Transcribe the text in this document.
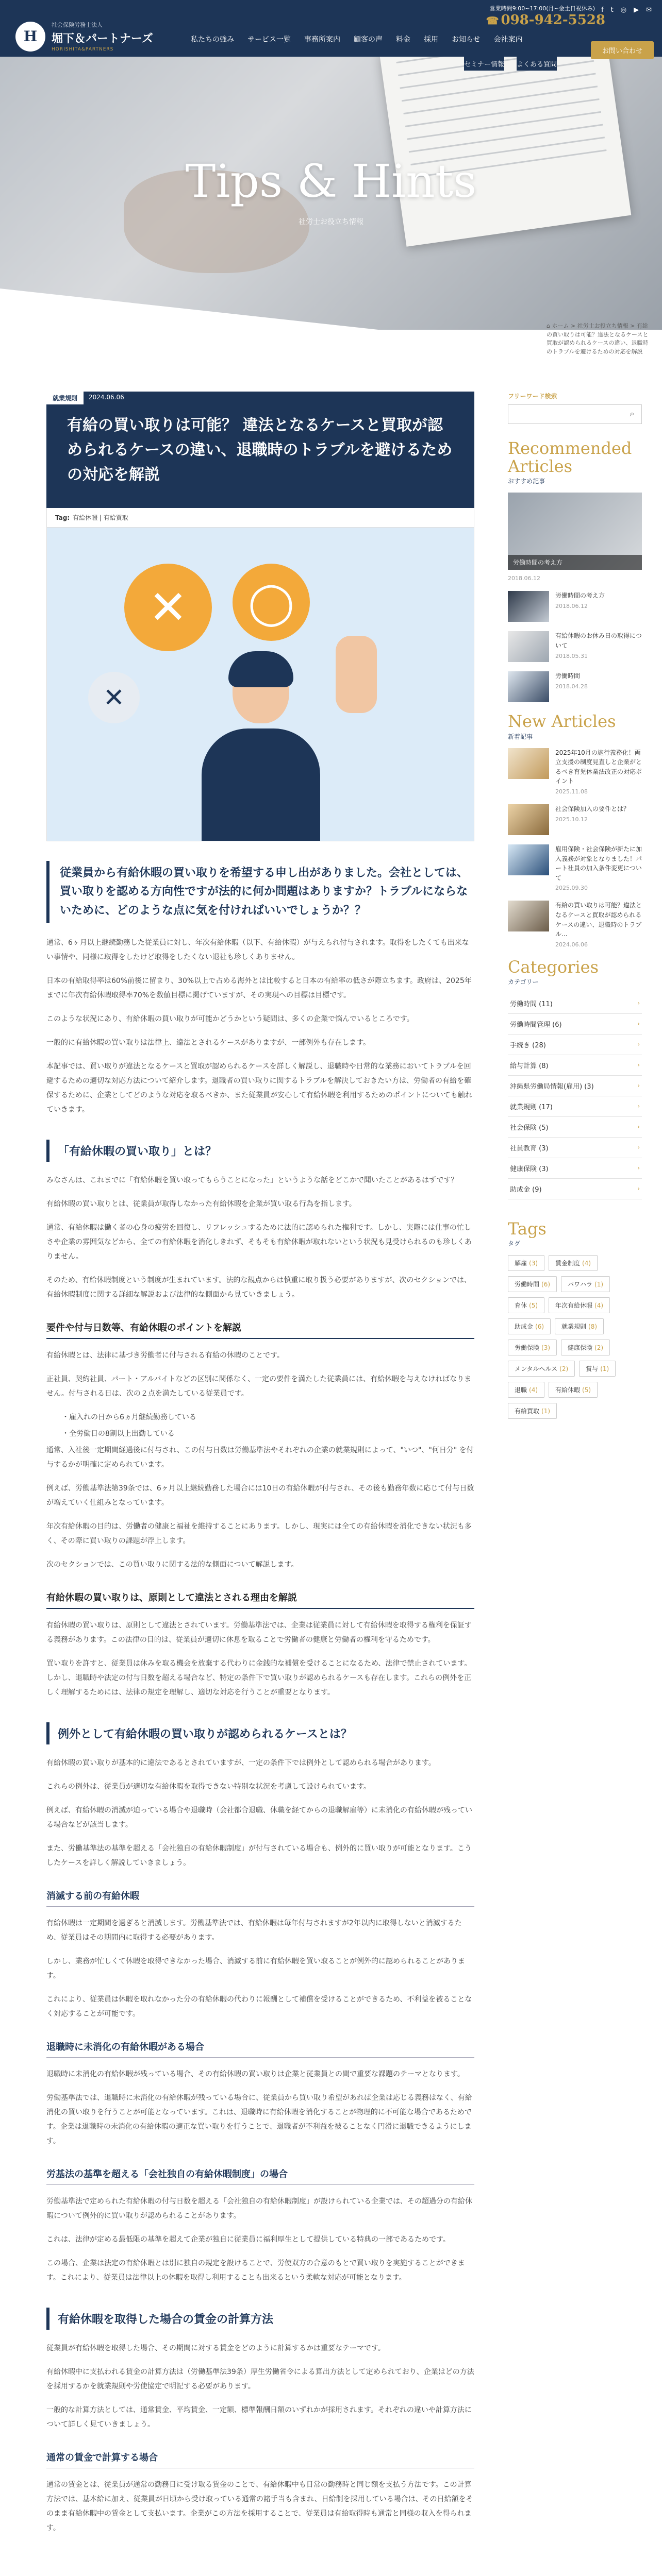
Tips & Hints
社労士お役立ち情報
H
社会保険労務士法人
堀下＆パートナーズ
HORISHITA&PARTNERS
私たちの強み サービス一覧 事務所案内 顧客の声 料金 採用 お知らせ 会社案内
営業時間9:00~17:00(月~金土日祝休み) f t ◎ ▶ ✉
☎ 098-942-5528
お問い合わせ
セミナー情報 よくある質問
⌂ ホーム > 社労士お役立ち情報 > 有給の買い取りは可能？違法となるケースと買取が認められるケースの違い、退職時のトラブルを避けるための対応を解説
就業規則	2024.06.06
有給の買い取りは可能？ 違法となるケースと買取が認められるケースの違い、退職時のトラブルを避けるための対応を解説
Tag: 有給休暇 | 有給買取
✕	◯
✕
従業員から有給休暇の買い取りを希望する申し出がありました。会社としては、買い取りを認める方向性ですが法的に何か問題はありますか？トラブルにならないために、どのような点に気を付ければいいでしょうか？？

通常、6ヶ月以上継続勤務した従業員に対し、年次有給休暇（以下、有給休暇）が与えられ付与されます。取得をしたくても出来ない事情や、同様に取得をしたけど取得をしたくない退社も珍しくありません。

日本の有給取得率は60%前後に留まり、30%以上で占める海外とは比較すると日本の有給率の低さが際立ちます。政府は、2025年までに年次有給休暇取得率70%を数値目標に掲げていますが、その実現への目標は目標です。

このような状況にあり、有給休暇の買い取りが可能かどうかという疑問は、多くの企業で悩んでいるところです。

一般的に有給休暇の買い取りは法律上、違法とされるケースがありますが、一部例外も存在します。

本記事では、買い取りが違法となるケースと買取が認められるケースを詳しく解説し、退職時や日常的な業務においてトラブルを回避するための適切な対応方法について紹介します。退職者の買い取りに関するトラブルを解決しておきたい方は、労働者の有給を確保するために、企業としてどのような対応を取るべきか、また従業員が安心して有給休暇を利用するためのポイントについても触れていきます。

「有給休暇の買い取り」とは？

みなさんは、これまでに「有給休暇を買い取ってもらうことになった」というような話をどこかで聞いたことがあるはずです？

有給休暇の買い取りとは、従業員が取得しなかった有給休暇を企業が買い取る行為を指します。

通常、有給休暇は働く者の心身の疲労を回復し、リフレッシュするために法的に認められた権利です。しかし、実際には仕事の忙しさや企業の雰囲気などから、全ての有給休暇を消化しきれず、そもそも有給休暇が取れないという状況も見受けられるのも珍しくありません。

そのため、有給休暇制度という制度が生まれています。法的な観点からは慎重に取り扱う必要がありますが、次のセクションでは、有給休暇制度に関する詳細な解説および法律的な側面から見ていきましょう。

要件や付与日数等、有給休暇のポイントを解説

有給休暇とは、法律に基づき労働者に付与される有給の休暇のことです。

正社員、契約社員、パート・アルバイトなどの区別に関係なく、一定の要件を満たした従業員には、有給休暇を与えなければなりません。付与される日は、次の２点を満たしている従業員です。

・雇入れの日から6ヵ月継続勤務している

・全労働日の8割以上出勤している

通常、入社後一定期間経過後に付与され、この付与日数は労働基準法やそれぞれの企業の就業規則によって、"いつ"、"何日分" を付与するかが明確に定められています。

例えば、労働基準法第39条では、6ヶ月以上継続勤務した場合には10日の有給休暇が付与され、その後も勤務年数に応じて付与日数が増えていく仕組みとなっています。

年次有給休暇の目的は、労働者の健康と福祉を維持することにあります。しかし、現実には全ての有給休暇を消化できない状況も多く、その際に買い取りの課題が浮上します。

次のセクションでは、この買い取りに関する法的な側面について解説します。

有給休暇の買い取りは、原則として違法とされる理由を解説

有給休暇の買い取りは、原則として違法とされています。労働基準法では、企業は従業員に対して有給休暇を取得する権利を保証する義務があります。この法律の目的は、従業員が適切に休息を取ることで労働者の健康と労働者の権利を守るためです。

買い取りを許すと、従業員は休みを取る機会を放棄する代わりに金銭的な補償を受けることになるため、法律で禁止されています。しかし、退職時や法定の付与日数を超える場合など、特定の条件下で買い取りが認められるケースも存在します。これらの例外を正しく理解するためには、法律の規定を理解し、適切な対応を行うことが重要となります。

例外として有給休暇の買い取りが認められるケースとは？

有給休暇の買い取りが基本的に違法であるとされていますが、一定の条件下では例外として認められる場合があります。

これらの例外は、従業員が適切な有給休暇を取得できない特別な状況を考慮して設けられています。

例えば、有給休暇の消滅が迫っている場合や退職時（会社都合退職、休職を経てからの退職解雇等）に未消化の有給休暇が残っている場合などが該当します。

また、労働基準法の基準を超える「会社独自の有給休暇制度」が付与されている場合も、例外的に買い取りが可能となります。こうしたケースを詳しく解説していきましょう。

消滅する前の有給休暇

有給休暇は一定期間を過ぎると消滅します。労働基準法では、有給休暇は毎年付与されますが2年以内に取得しないと消滅するため、従業員はその期間内に取得する必要があります。

しかし、業務が忙しくて休暇を取得できなかった場合、消滅する前に有給休暇を買い取ることが例外的に認められることがあります。

これにより、従業員は休暇を取れなかった分の有給休暇の代わりに報酬として補償を受けることができるため、不利益を被ることなく対応することが可能です。

退職時に未消化の有給休暇がある場合

退職時に未消化の有給休暇が残っている場合、その有給休暇の買い取りは企業と従業員との間で重要な課題のテーマとなります。

労働基準法では、退職時に未消化の有給休暇が残っている場合に、従業員から買い取り希望があれば企業は応じる義務はなく、有給消化の買い取りを行うことが可能となっています。これは、退職時に有給休暇を消化することが物理的に不可能な場合であるためです。企業は退職時の未消化の有給休暇の適正な買い取りを行うことで、退職者が不利益を被ることなく円滑に退職できるようにします。

労基法の基準を超える「会社独自の有給休暇制度」の場合

労働基準法で定められた有給休暇の付与日数を超える「会社独自の有給休暇制度」が設けられている企業では、その超過分の有給休暇について例外的に買い取りが認められることがあります。

これは、法律が定める最低限の基準を超えて企業が独自に従業員に福利厚生として提供している特典の一部であるためです。

この場合、企業は法定の有給休暇とは別に独自の規定を設けることで、労使双方の合意のもとで買い取りを実施することができます。これにより、従業員は法律以上の休暇を取得し利用することも出来るという柔軟な対応が可能となります。

有給休暇を取得した場合の賃金の計算方法

従業員が有給休暇を取得した場合、その期間に対する賃金をどのように計算するかは重要なテーマです。

有給休暇中に支払われる賃金の計算方法は（労働基準法39条）厚生労働省令による算出方法として定められており、企業はどの方法を採用するかを就業規則や労使協定で明記する必要があります。

一般的な計算方法としては、通常賃金、平均賃金、一定額、標準報酬日額のいずれかが採用されます。それぞれの違いや計算方法について詳しく見ていきましょう。

通常の賃金で計算する場合

通常の賃金とは、従業員が通常の勤務日に受け取る賃金のことで、有給休暇中も日常の勤務時と同じ額を支払う方法です。この計算方法では、基本給に加え、従業員が日頃から受け取っている通常の諸手当も含まれ、日給制を採用している場合は、その日給額をそのまま有給休暇中の賃金として支払います。企業がこの方法を採用することで、従業員は有給取得時も通常と同様の収入を得られます。

フリーワード検索
⌕
Recommended Articles
おすすめ記事
労働時間の考え方
2018.06.12
労働時間の考え方
2018.06.12
有給休暇のお休み日の取得について
2018.05.31
労働時間
2018.04.28
New Articles
新着記事
2025年10月の施行義務化！両立支援の制度見直しと企業がとるべき育児休業法改正の対応ポイント
2025.11.08
社会保険加入の要件とは？
2025.10.12
雇用保険・社会保険が新たに加入義務が対象となりました！パート社員の加入条件変更について
2025.09.30
有給の買い取りは可能？違法となるケースと買取が認められるケースの違い、退職時のトラブル...
2024.06.06
Categories
カテゴリー
労働時間 (11)	›
労働時間管理 (6)	›
手続き (28)	›
給与計算 (8)	›
沖縄県労働局情報(雇用) (3)	›
就業規則 (17)	›
社会保険 (5)	›
社員教育 (3)	›
健康保険 (3)	›
助成金 (9)	›
Tags
タグ
解雇 (3)	賃金制度 (4)
労働時間 (6)	パワハラ (1)
育休 (5)	年次有給休暇 (4)
助成金 (6)	就業規則 (8)
労働保険 (3)	健康保険 (2)
メンタルヘルス (2)	賞与 (1)
退職 (4)	有給休暇 (5)
有給買取 (1)
